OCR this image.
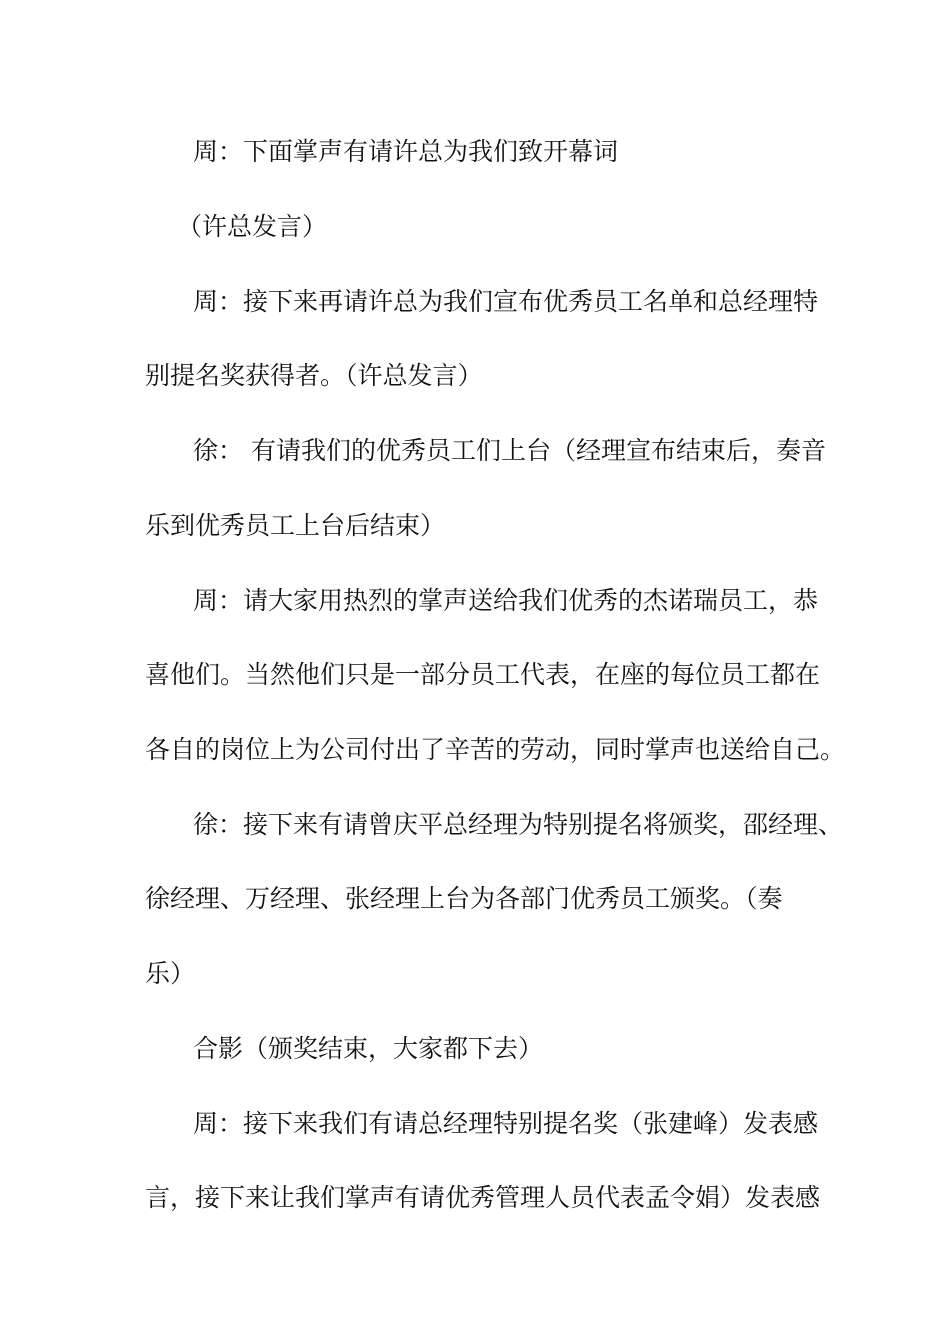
周：下面掌声有请许总为我们致开幕词
（许总发言）
周：接下来再请许总为我们宣布优秀员工名单和总经理特
别提名奖获得者。（许总发言）
徐： 有请我们的优秀员工们上台（经理宣布结束后，奏音
乐到优秀员工上台后结束）
周：请大家用热烈的掌声送给我们优秀的杰诺瑞员工，恭
喜他们。当然他们只是一部分员工代表，在座的每位员工都在
各自的岗位上为公司付出了辛苦的劳动，同时掌声也送给自己。
徐：接下来有请曾庆平总经理为特别提名将颁奖，邵经理、
徐经理、万经理、张经理上台为各部门优秀员工颁奖。（奏
乐）
合影（颁奖结束，大家都下去）
周：接下来我们有请总经理特别提名奖（张建峰）发表感
言，接下来让我们掌声有请优秀管理人员代表孟令娟）发表感
